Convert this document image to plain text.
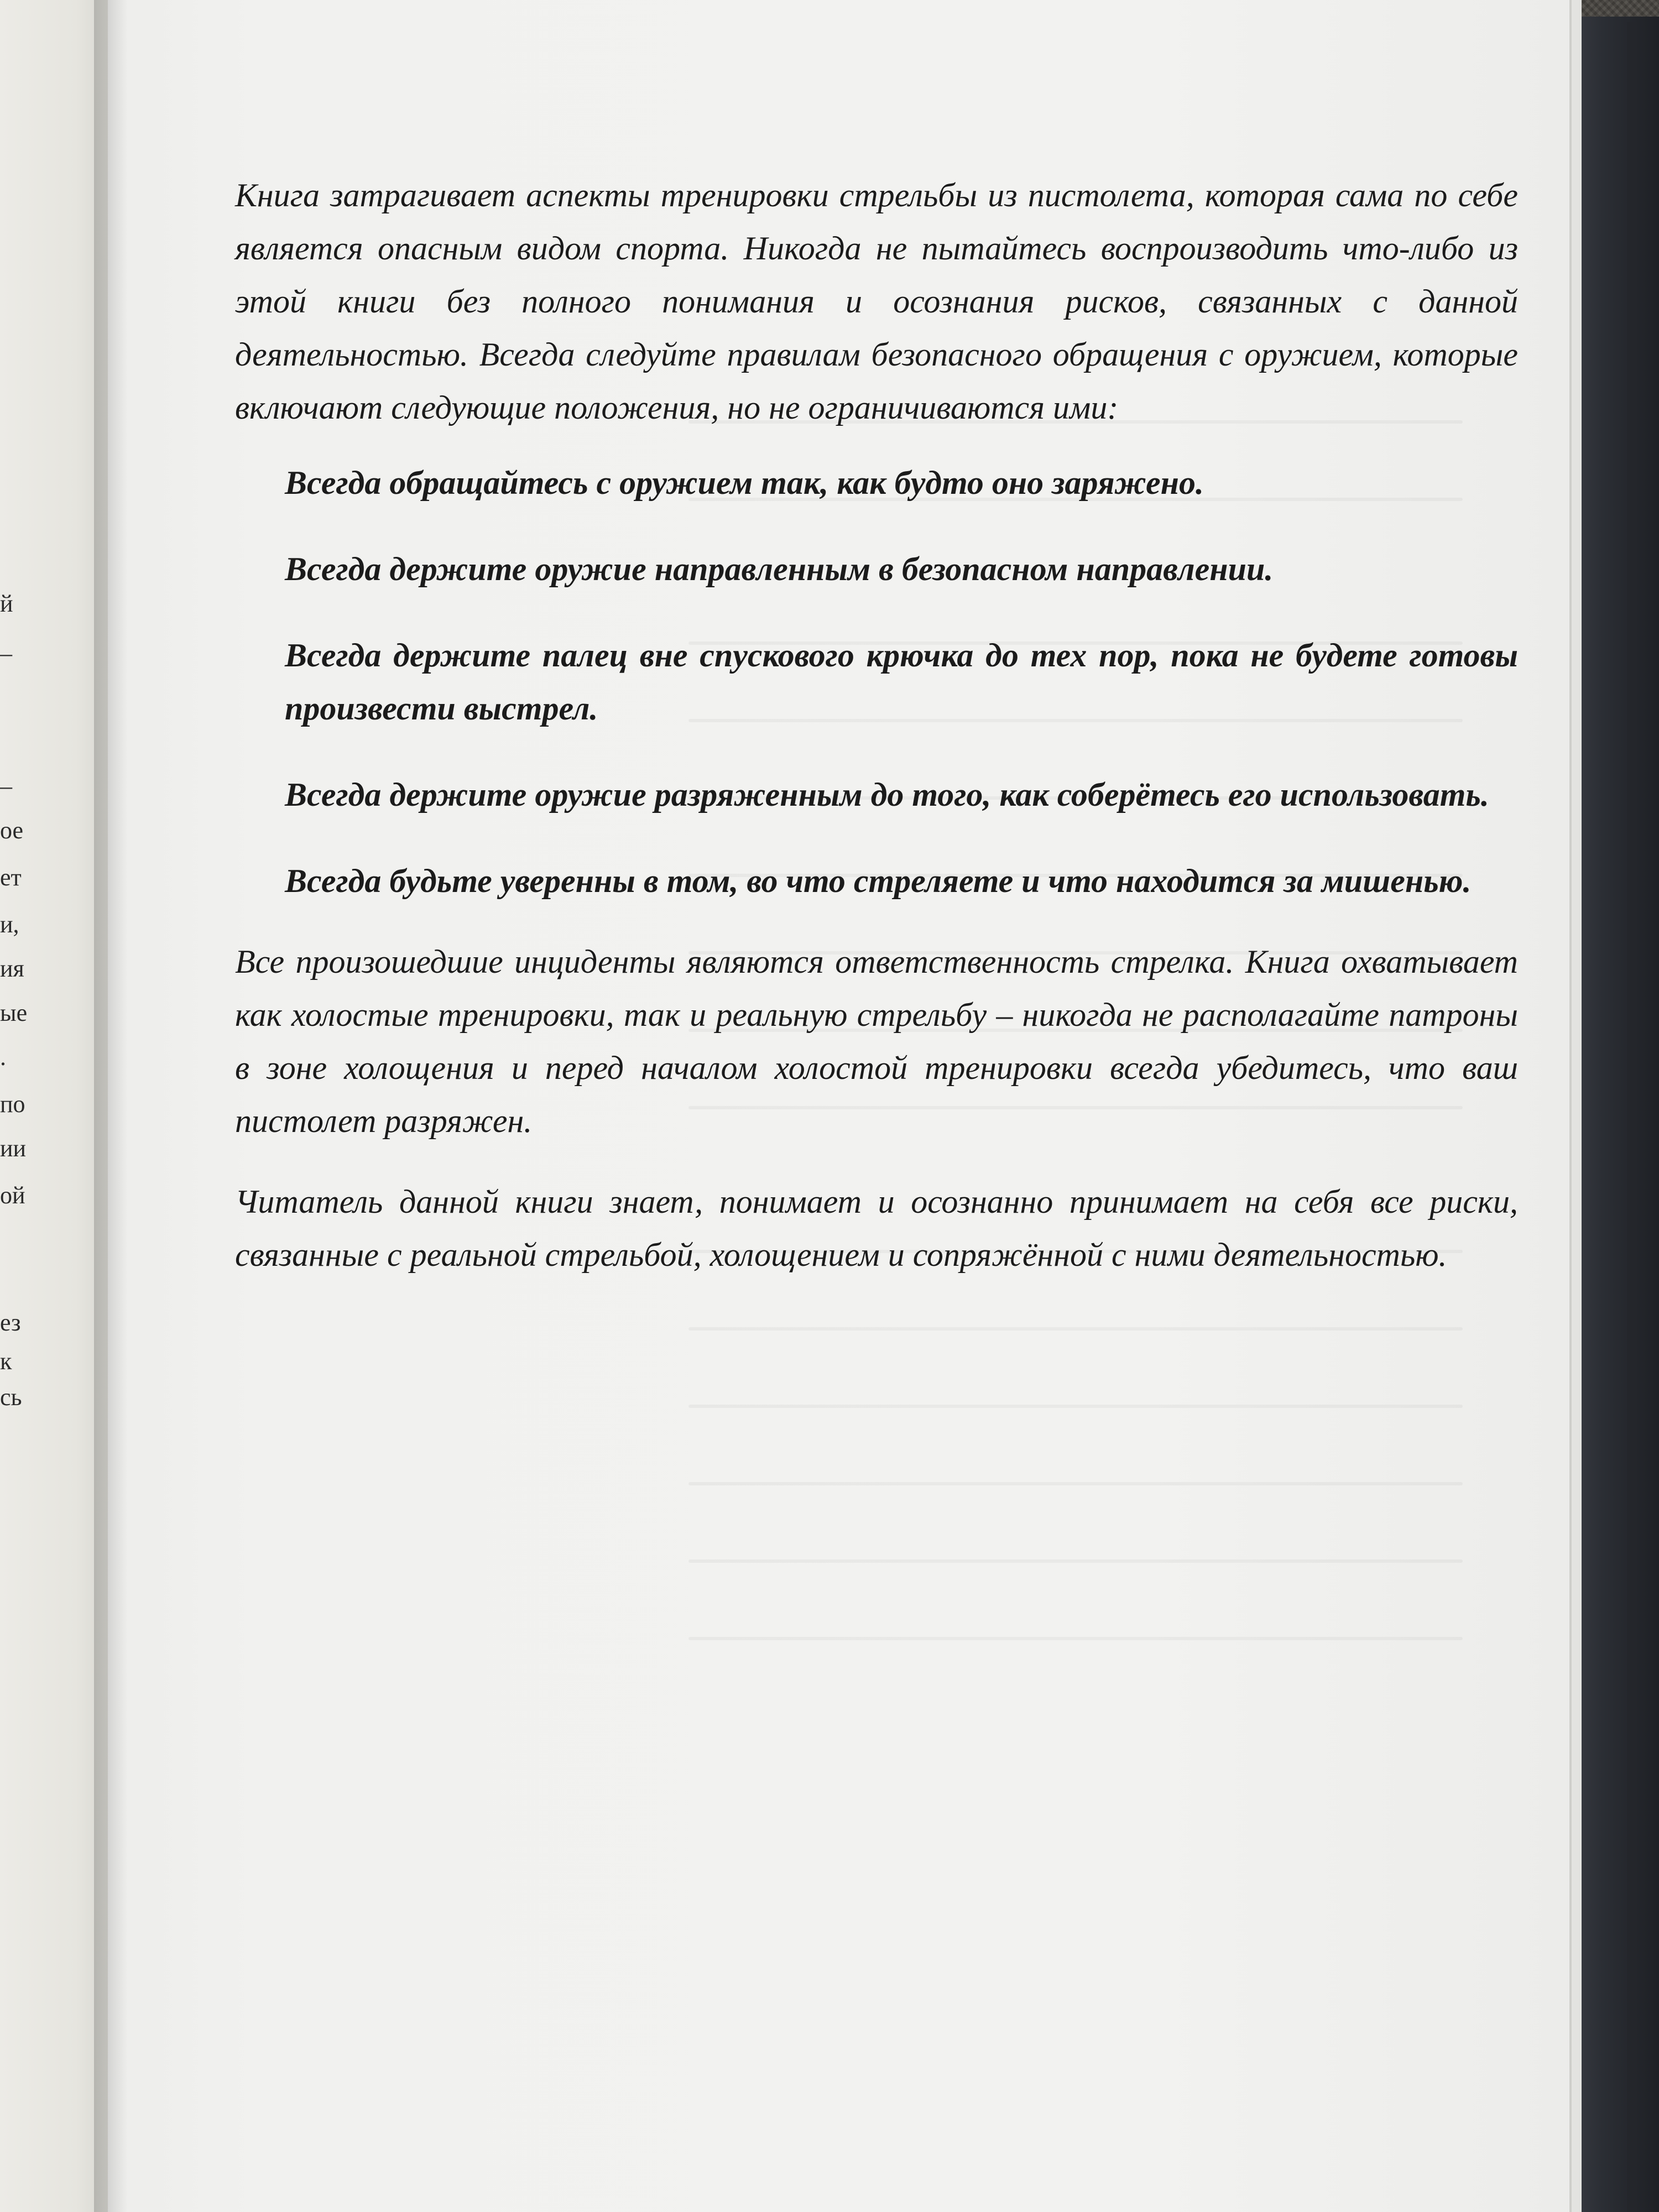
й
–
–
ое
ет
и,
ия
ые
.
по
ии
ой
ез
к
сь

Книга затрагивает аспекты тренировки стрельбы из пистолета, которая сама по себе является опасным видом спорта. Никогда не пытайтесь воспроизводить что-либо из этой книги без полного понимания и осознания рисков, связанных с данной деятельностью. Всегда следуйте правилам безопасного обращения с оружием, которые включают следующие положения, но не ограничиваются ими:

Всегда обращайтесь с оружием так, как будто оно заряжено.

Всегда держите оружие направленным в безопасном направлении.

Всегда держите палец вне спускового крючка до тех пор, пока не будете готовы произвести выстрел.

Всегда держите оружие разряженным до того, как соберётесь его использовать.

Всегда будьте уверенны в том, во что стреляете и что находится за мишенью.

Все произошедшие инциденты являются ответственность стрелка. Книга охватывает как холостые тренировки, так и реальную стрельбу – никогда не располагайте патроны в зоне холощения и перед началом холостой тренировки всегда убедитесь, что ваш пистолет разряжен.

Читатель данной книги знает, понимает и осознанно принимает на себя все риски, связанные с реальной стрельбой, холощением и сопряжённой с ними деятельностью.
